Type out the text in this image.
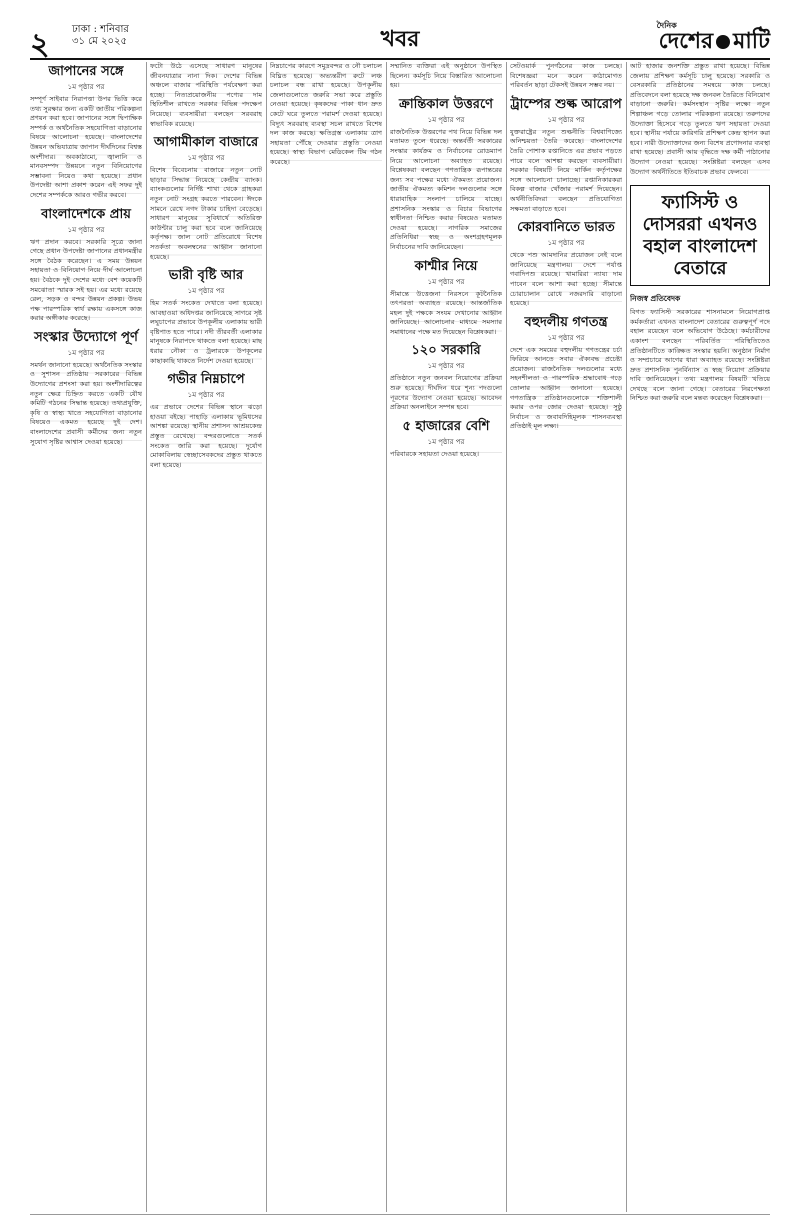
২ ঢাকা : শনিবার
৩১ মে ২০২৫	খবর
দৈনিক
দেশের মাটি
জাপানের সঙ্গে
১ম পৃষ্ঠার পর
সম্পূর্ণ সাইবার নিরাপত্তা উপর ভিত্তি করে তথ্য সুরক্ষার জন্য একটি জাতীয় পরিকল্পনা প্রণয়ন করা হবে। জাপানের সঙ্গে দ্বিপাক্ষিক সম্পর্ক ও অর্থনৈতিক সহযোগিতা বাড়ানোর বিষয়ে আলোচনা হয়েছে। বাংলাদেশের উন্নয়ন অভিযাত্রায় জাপান দীর্ঘদিনের বিশ্বস্ত অংশীদার। অবকাঠামো, জ্বালানি ও মানবসম্পদ উন্নয়নে নতুন বিনিয়োগের সম্ভাবনা নিয়েও কথা হয়েছে। প্রধান উপদেষ্টা আশা প্রকাশ করেন এই সফর দুই দেশের সম্পর্ককে আরও গভীর করবে।
বাংলাদেশকে প্রায়
১ম পৃষ্ঠার পর
ঋণ প্রদান করবে। সরকারি সূত্রে জানা গেছে প্রধান উপদেষ্টা জাপানের প্রধানমন্ত্রীর সঙ্গে বৈঠক করেছেন। এ সময় উন্নয়ন সহায়তা ও বিনিয়োগ নিয়ে দীর্ঘ আলোচনা হয়। বৈঠকে দুই দেশের মধ্যে বেশ কয়েকটি সমঝোতা স্মারক সই হয়। এর মধ্যে রয়েছে রেল, সড়ক ও বন্দর উন্নয়ন প্রকল্প। উভয় পক্ষ পারস্পরিক স্বার্থ রক্ষায় একসঙ্গে কাজ করার অঙ্গীকার করেছে।
সংস্কার উদ্যোগে পূর্ণ
১ম পৃষ্ঠার পর
সমর্থন জানানো হয়েছে। অর্থনৈতিক সংস্কার ও সুশাসন প্রতিষ্ঠায় সরকারের বিভিন্ন উদ্যোগের প্রশংসা করা হয়। অংশীদারিত্বের নতুন ক্ষেত্র চিহ্নিত করতে একটি যৌথ কমিটি গঠনের সিদ্ধান্ত হয়েছে। তথ্যপ্রযুক্তি, কৃষি ও স্বাস্থ্য খাতে সহযোগিতা বাড়ানোর বিষয়েও একমত হয়েছে দুই দেশ। বাংলাদেশের প্রবাসী কর্মীদের জন্য নতুন সুযোগ সৃষ্টির আশ্বাস দেওয়া হয়েছে।
ফটো উঠে এসেছে সাধারণ মানুষের জীবনযাত্রার নানা দিক। দেশের বিভিন্ন অঞ্চলে বাজার পরিস্থিতি পর্যবেক্ষণ করা হচ্ছে। নিত্যপ্রয়োজনীয় পণ্যের দাম স্থিতিশীল রাখতে সরকার বিভিন্ন পদক্ষেপ নিয়েছে। ব্যবসায়ীরা বলছেন সরবরাহ স্বাভাবিক রয়েছে।
আগামীকাল বাজারে
১ম পৃষ্ঠার পর
বিশেষ বিবেচনায় বাজারে নতুন নোট ছাড়ার সিদ্ধান্ত নিয়েছে কেন্দ্রীয় ব্যাংক। ব্যাংকগুলোর নির্দিষ্ট শাখা থেকে গ্রাহকরা নতুন নোট সংগ্রহ করতে পারবেন। ঈদকে সামনে রেখে নগদ টাকার চাহিদা বেড়েছে। সাধারণ মানুষের সুবিধার্থে অতিরিক্ত কাউন্টার চালু করা হবে বলে জানিয়েছে কর্তৃপক্ষ। জাল নোট প্রতিরোধে বিশেষ সতর্কতা অবলম্বনের আহ্বান জানানো হয়েছে।
ভারী বৃষ্টি আর
১ম পৃষ্ঠার পর
হিম সতর্ক সংকেত দেখাতে বলা হয়েছে। আবহাওয়া অধিদপ্তর জানিয়েছে সাগরে সৃষ্ট লঘুচাপের প্রভাবে উপকূলীয় এলাকায় ভারী বৃষ্টিপাত হতে পারে। নদী তীরবর্তী এলাকার মানুষকে নিরাপদে থাকতে বলা হয়েছে। মাছ ধরার নৌকা ও ট্রলারকে উপকূলের কাছাকাছি থাকতে নির্দেশ দেওয়া হয়েছে।
গভীর নিম্নচাপে
১ম পৃষ্ঠার পর
এর প্রভাবে দেশের বিভিন্ন স্থানে ঝড়ো হাওয়া বইছে। পাহাড়ি এলাকায় ভূমিধসের আশঙ্কা রয়েছে। স্থানীয় প্রশাসন আশ্রয়কেন্দ্র প্রস্তুত রেখেছে। বন্দরগুলোতে সতর্ক সংকেত জারি করা হয়েছে। দুর্যোগ মোকাবিলায় স্বেচ্ছাসেবকদের প্রস্তুত থাকতে বলা হয়েছে।
নিম্নচাপের কারণে সমুদ্রবন্দর ও নৌ চলাচল বিঘ্নিত হয়েছে। অভ্যন্তরীণ রুটে লঞ্চ চলাচল বন্ধ রাখা হয়েছে। উপকূলীয় জেলাগুলোতে জরুরি সভা করে প্রস্তুতি নেওয়া হয়েছে। কৃষকদের পাকা ধান দ্রুত কেটে ঘরে তুলতে পরামর্শ দেওয়া হয়েছে। বিদ্যুৎ সরবরাহ ব্যবস্থা সচল রাখতে বিশেষ দল কাজ করছে। ক্ষতিগ্রস্ত এলাকায় ত্রাণ সহায়তা পৌঁছে দেওয়ার প্রস্তুতি নেওয়া হয়েছে। স্বাস্থ্য বিভাগ মেডিকেল টিম গঠন করেছে।
সম্মানিত ব্যক্তিরা এই অনুষ্ঠানে উপস্থিত ছিলেন। কর্মসূচি নিয়ে বিস্তারিত আলোচনা হয়।
ক্রান্তিকাল উত্তরণে
১ম পৃষ্ঠার পর
রাজনৈতিক উত্তরণের পথ নিয়ে বিভিন্ন দল মতামত তুলে ধরেছে। অন্তর্বর্তী সরকারের সংস্কার কার্যক্রম ও নির্বাচনের রোডম্যাপ নিয়ে আলোচনা অব্যাহত রয়েছে। বিশ্লেষকরা বলছেন গণতান্ত্রিক রূপান্তরের জন্য সব পক্ষের মধ্যে ঐকমত্য প্রয়োজন। জাতীয় ঐকমত্য কমিশন দলগুলোর সঙ্গে ধারাবাহিক সংলাপ চালিয়ে যাচ্ছে। প্রশাসনিক সংস্কার ও বিচার বিভাগের স্বাধীনতা নিশ্চিত করার বিষয়েও মতামত দেওয়া হয়েছে। নাগরিক সমাজের প্রতিনিধিরা স্বচ্ছ ও অংশগ্রহণমূলক নির্বাচনের দাবি জানিয়েছেন।
কাশ্মীর নিয়ে
১ম পৃষ্ঠার পর
সীমান্তে উত্তেজনা নিরসনে কূটনৈতিক তৎপরতা অব্যাহত রয়েছে। আন্তর্জাতিক মহল দুই পক্ষকে সংযম দেখানোর আহ্বান জানিয়েছে। আলোচনার মাধ্যমে সমস্যার সমাধানের পক্ষে মত দিয়েছেন বিশ্লেষকরা।
১২০ সরকারি
১ম পৃষ্ঠার পর
প্রতিষ্ঠানে নতুন জনবল নিয়োগের প্রক্রিয়া শুরু হয়েছে। দীর্ঘদিন ধরে শূন্য পদগুলো পূরণের উদ্যোগ নেওয়া হয়েছে। আবেদন প্রক্রিয়া অনলাইনে সম্পন্ন হবে।
৫ হাজারের বেশি
১ম পৃষ্ঠার পর
পরিবারকে সহায়তা দেওয়া হয়েছে।
সেটওয়ার্ক পুনর্গঠনের কাজ চলছে। বিশেষজ্ঞরা মনে করেন কাঠামোগত পরিবর্তন ছাড়া টেকসই উন্নয়ন সম্ভব নয়।
ট্রাম্পের শুল্ক আরোপ
১ম পৃষ্ঠার পর
যুক্তরাষ্ট্রের নতুন শুল্কনীতি বিশ্ববাণিজ্যে অনিশ্চয়তা তৈরি করেছে। বাংলাদেশের তৈরি পোশাক রপ্তানিতে এর প্রভাব পড়তে পারে বলে আশঙ্কা করছেন ব্যবসায়ীরা। সরকার বিষয়টি নিয়ে মার্কিন কর্তৃপক্ষের সঙ্গে আলোচনা চালাচ্ছে। রপ্তানিকারকরা বিকল্প বাজার খোঁজার পরামর্শ দিয়েছেন। অর্থনীতিবিদরা বলছেন প্রতিযোগিতা সক্ষমতা বাড়াতে হবে।
কোরবানিতে ভারত
১ম পৃষ্ঠার পর
থেকে পশু আমদানির প্রয়োজন নেই বলে জানিয়েছে মন্ত্রণালয়। দেশে পর্যাপ্ত গবাদিপশু রয়েছে। খামারিরা ন্যায্য দাম পাবেন বলে আশা করা হচ্ছে। সীমান্তে চোরাচালান রোধে নজরদারি বাড়ানো হয়েছে।
বহুদলীয় গণতন্ত্র
১ম পৃষ্ঠার পর
দেশে এক সময়ের বহুদলীয় গণতন্ত্রের চর্চা ফিরিয়ে আনতে সবার ঐক্যবদ্ধ প্রচেষ্টা প্রয়োজন। রাজনৈতিক দলগুলোর মধ্যে সহনশীলতা ও পারস্পরিক শ্রদ্ধাবোধ গড়ে তোলার আহ্বান জানানো হয়েছে। গণতান্ত্রিক প্রতিষ্ঠানগুলোকে শক্তিশালী করার ওপর জোর দেওয়া হয়েছে। সুষ্ঠু নির্বাচন ও জবাবদিহিমূলক শাসনব্যবস্থা প্রতিষ্ঠাই মূল লক্ষ্য।
আট হাজার জনশক্তি প্রস্তুত রাখা হয়েছে। বিভিন্ন জেলায় প্রশিক্ষণ কর্মসূচি চালু হয়েছে। সরকারি ও বেসরকারি প্রতিষ্ঠানের সমন্বয়ে কাজ চলছে। প্রতিবেদনে বলা হয়েছে দক্ষ জনবল তৈরিতে বিনিয়োগ বাড়ানো জরুরি। কর্মসংস্থান সৃষ্টির লক্ষ্যে নতুন শিল্পাঞ্চল গড়ে তোলার পরিকল্পনা রয়েছে। তরুণদের উদ্যোক্তা হিসেবে গড়ে তুলতে ঋণ সহায়তা দেওয়া হবে। স্থানীয় পর্যায়ে কারিগরি প্রশিক্ষণ কেন্দ্র স্থাপন করা হবে। নারী উদ্যোক্তাদের জন্য বিশেষ প্রণোদনার ব্যবস্থা রাখা হয়েছে। প্রবাসী আয় বৃদ্ধিতে দক্ষ কর্মী পাঠানোর উদ্যোগ নেওয়া হয়েছে। সংশ্লিষ্টরা বলছেন এসব উদ্যোগ অর্থনীতিতে ইতিবাচক প্রভাব ফেলবে।
ফ্যাসিস্ট ও দোসররা এখনও বহাল বাংলাদেশ বেতারে
নিজস্ব প্রতিবেদক
বিগত ফ্যাসিস্ট সরকারের শাসনামলে নিয়োগপ্রাপ্ত কর্মকর্তারা এখনও বাংলাদেশ বেতারের গুরুত্বপূর্ণ পদে বহাল রয়েছেন বলে অভিযোগ উঠেছে। কর্মচারীদের একাংশ বলছেন পরিবর্তিত পরিস্থিতিতেও প্রতিষ্ঠানটিতে কাঙ্ক্ষিত সংস্কার হয়নি। অনুষ্ঠান নির্মাণ ও সম্প্রচারে আগের ধারা অব্যাহত রয়েছে। সংশ্লিষ্টরা দ্রুত প্রশাসনিক পুনর্বিন্যাস ও স্বচ্ছ নিয়োগ প্রক্রিয়ার দাবি জানিয়েছেন। তথ্য মন্ত্রণালয় বিষয়টি খতিয়ে দেখছে বলে জানা গেছে। বেতারের নিরপেক্ষতা নিশ্চিত করা জরুরি বলে মন্তব্য করেছেন বিশ্লেষকরা।
